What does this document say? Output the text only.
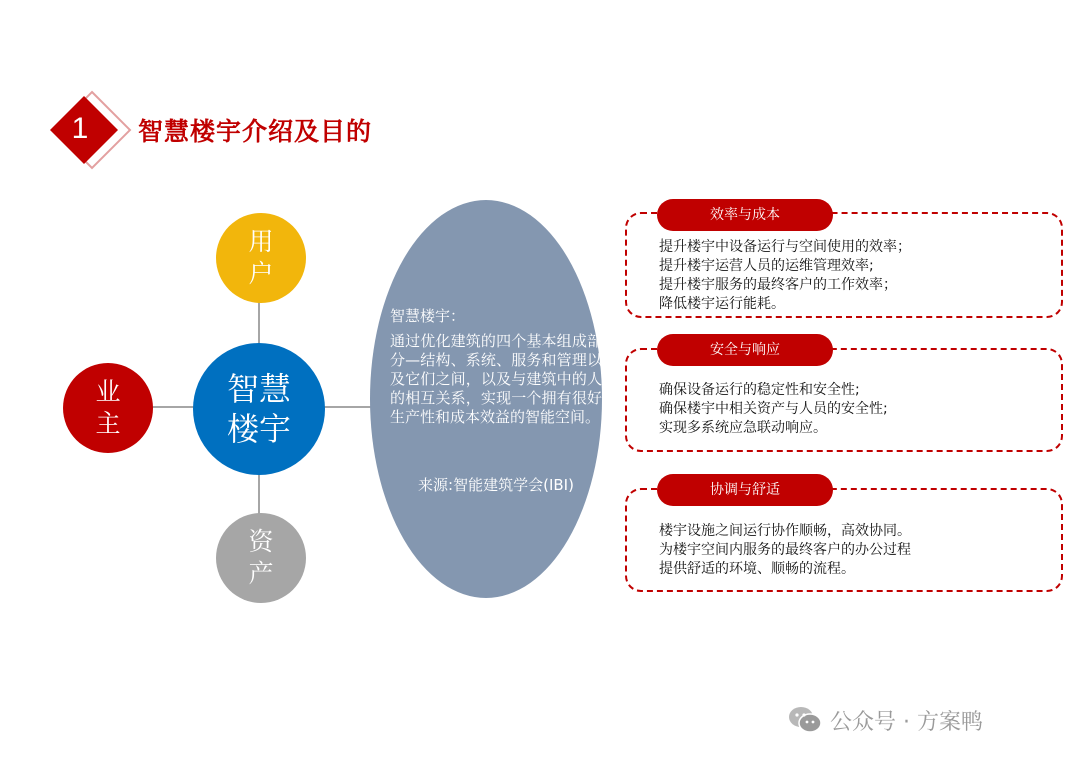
1	智慧楼宇介绍及目的
用
户
业
主
资
产
智慧
楼宇
智慧楼宇：
通过优化建筑的四个基本组成部分—结构、系统、服务和管理以及它们之间，以及与建筑中的人的相互关系，实现一个拥有很好生产性和成本效益的智能空间。
来源:智能建筑学会(IBI)
效率与成本
提升楼宇中设备运行与空间使用的效率；
提升楼宇运营人员的运维管理效率;
提升楼宇服务的最终客户的工作效率；
降低楼宇运行能耗。
安全与响应
确保设备运行的稳定性和安全性;
确保楼宇中相关资产与人员的安全性;
实现多系统应急联动响应。
协调与舒适
楼宇设施之间运行协作顺畅，高效协同。
为楼宇空间内服务的最终客户的办公过程
提供舒适的环境、顺畅的流程。
公众号 · 方案鸭
